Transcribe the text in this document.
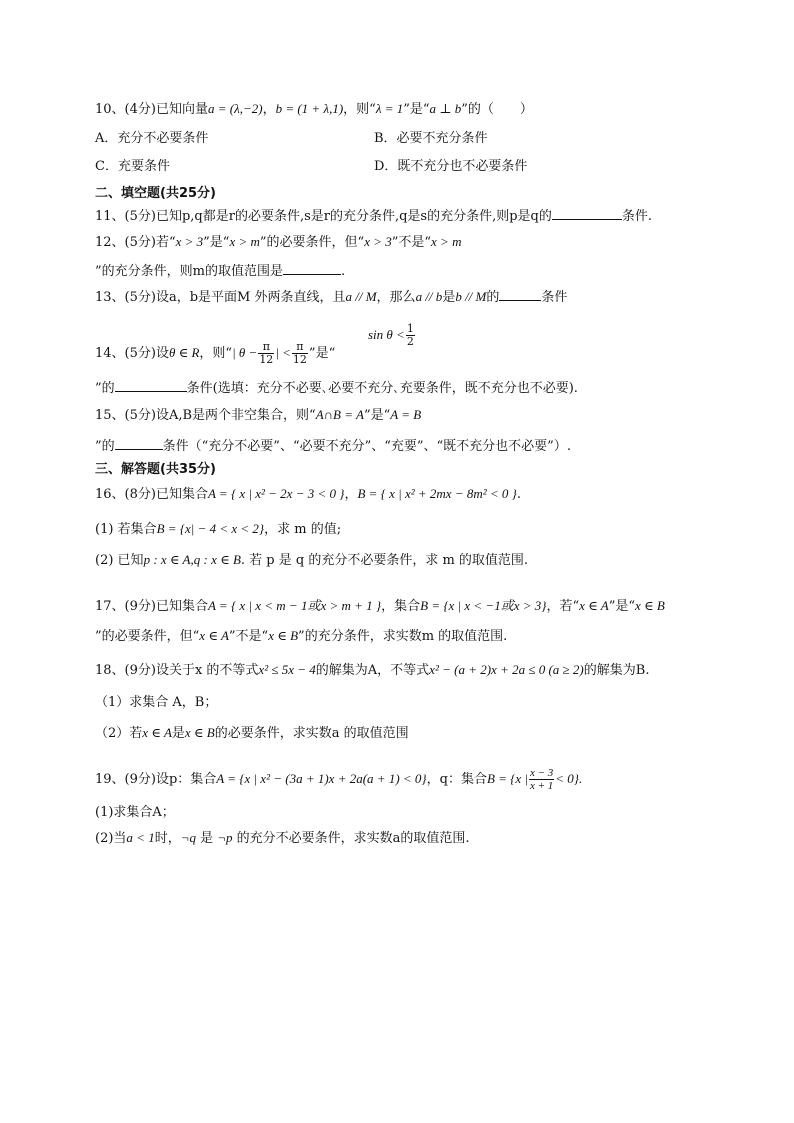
10、(4分)已知向量a = (λ,−2)，b = (1 + λ,1)，则“λ = 1”是“a ⊥ b”的（　　）
A．充分不必要条件	B．必要不充分条件
C．充要条件	D．既不充分也不必要条件
二、填空题(共25分)
11、(5分)已知p,q都是r的必要条件,s是r的充分条件,q是s的充分条件,则p是q的	条件.
12、(5分)若“x > 3”是“x > m”的必要条件，但“x > 3”不是“x > m
”的充分条件，则m的取值范围是	.
13、(5分)设a，b是平面M 外两条直线，且a // M，那么a // b是b // M的	条件
14、(5分)设θ ∈ R，则“| $\theta - \frac{\pi}{12}$ | < $\frac{\pi}{12}$ ”是“
$\sin \theta < \frac{1}{2}$
”的	条件(选填：充分不必要､必要不充分､充要条件，既不充分也不必要).
15、(5分)设A,B是两个非空集合，则“A∩B = A”是“A = B
”的	条件（“充分不必要”、“必要不充分”、“充要”、“既不充分也不必要”）.
三、解答题(共35分)
16、(8分)已知集合A = { x | x² − 2x − 3 < 0 }，B = { x | x² + 2mx − 8m² < 0 }.
(1) 若集合B = {x| − 4 < x < 2}，求 m 的值;
(2) 已知p : x ∈ A,q : x ∈ B. 若 p 是 q 的充分不必要条件，求 m 的取值范围.
17、(9分)已知集合A = { x | x < m − 1或x > m + 1 }，集合B = {x | x < −1或x > 3}，若“x ∈ A”是“x ∈ B
”的必要条件，但“x ∈ A”不是“x ∈ B”的充分条件，求实数m 的取值范围.
18、(9分)设关于x 的不等式x² ≤ 5x − 4的解集为A，不等式x² − (a + 2)x + 2a ≤ 0 (a ≥ 2)的解集为B.
（1）求集合 A，B；
（2）若x ∈ A是x ∈ B的必要条件，求实数a 的取值范围
19、(9分)设p：集合A = {x | x² − (3a + 1)x + 2a(a + 1) < 0}，q：集合B = {x | $\frac{x - 3}{x + 1} < 0$}.
(1)求集合A；
(2)当a < 1时，¬q 是 ¬p 的充分不必要条件，求实数a的取值范围.
